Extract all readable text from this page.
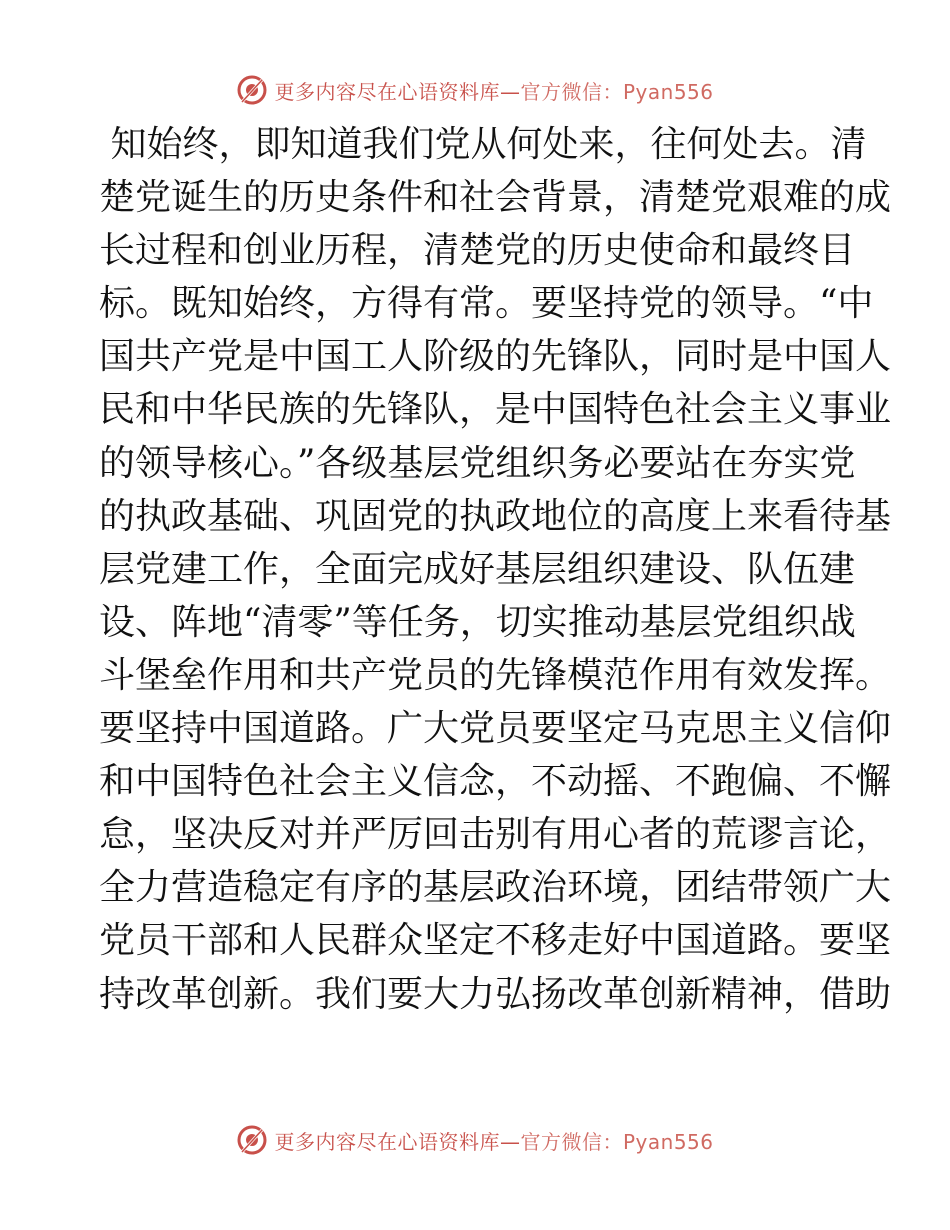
更多内容尽在心语资料库—官方微信：Pyan556
知始终，即知道我们党从何处来，往何处去。清
楚党诞生的历史条件和社会背景，清楚党艰难的成
长过程和创业历程，清楚党的历史使命和最终目
标。既知始终，方得有常。要坚持党的领导。“中
国共产党是中国工人阶级的先锋队，同时是中国人
民和中华民族的先锋队，是中国特色社会主义事业
的领导核心。”各级基层党组织务必要站在夯实党
的执政基础、巩固党的执政地位的高度上来看待基
层党建工作，全面完成好基层组织建设、队伍建
设、阵地“清零”等任务，切实推动基层党组织战
斗堡垒作用和共产党员的先锋模范作用有效发挥。
要坚持中国道路。广大党员要坚定马克思主义信仰
和中国特色社会主义信念，不动摇、不跑偏、不懈
怠，坚决反对并严厉回击别有用心者的荒谬言论，
全力营造稳定有序的基层政治环境，团结带领广大
党员干部和人民群众坚定不移走好中国道路。要坚
持改革创新。我们要大力弘扬改革创新精神，借助
更多内容尽在心语资料库—官方微信：Pyan556
